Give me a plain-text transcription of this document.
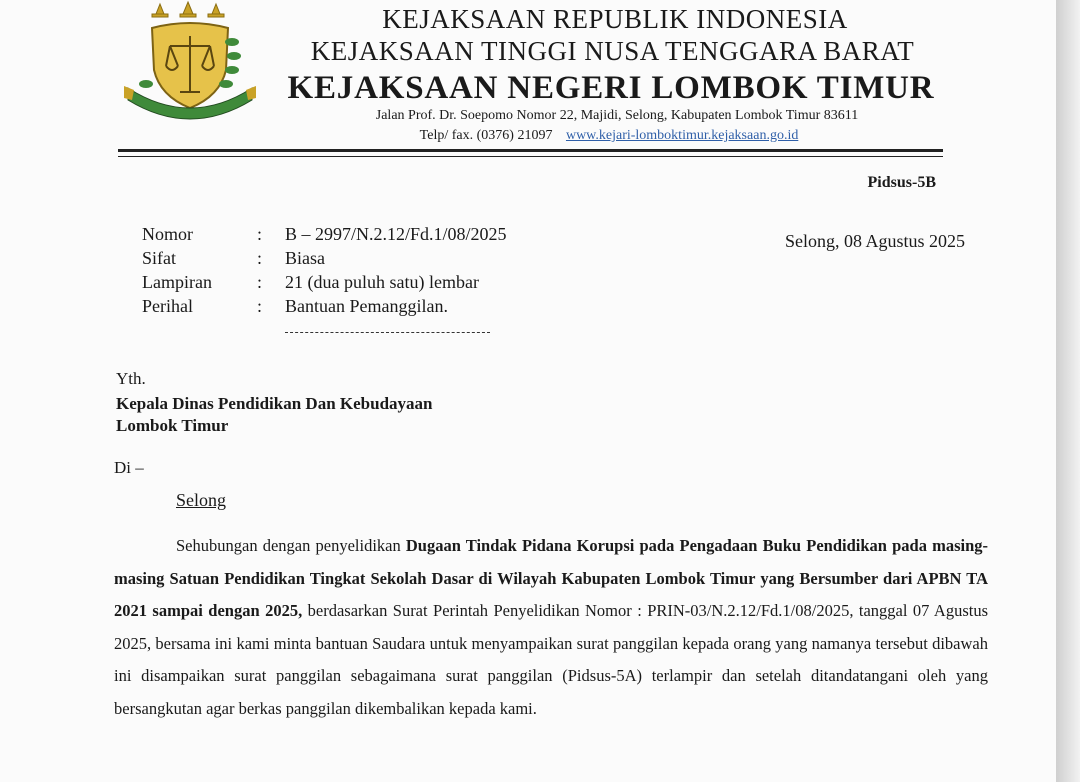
KEJAKSAAN REPUBLIK INDONESIA
KEJAKSAAN TINGGI NUSA TENGGARA BARAT
KEJAKSAAN NEGERI LOMBOK TIMUR
Jalan Prof. Dr. Soepomo Nomor 22, Majidi, Selong, Kabupaten Lombok Timur 83611
Telp/ fax. (0376) 21097 www.kejari-lomboktimur.kejaksaan.go.id
Pidsus-5B
Nomor	: B – 2997/N.2.12/Fd.1/08/2025
Sifat	: Biasa
Lampiran	: 21 (dua puluh satu) lembar
Perihal	: Bantuan Pemanggilan.
Selong, 08 Agustus 2025
Yth.
Kepala Dinas Pendidikan Dan Kebudayaan
Lombok Timur
Di –
Selong
Sehubungan dengan penyelidikan Dugaan Tindak Pidana Korupsi pada Pengadaan Buku Pendidikan pada masing-masing Satuan Pendidikan Tingkat Sekolah Dasar di Wilayah Kabupaten Lombok Timur yang Bersumber dari APBN TA 2021 sampai dengan 2025, berdasarkan Surat Perintah Penyelidikan Nomor : PRIN-03/N.2.12/Fd.1/08/2025, tanggal 07 Agustus 2025, bersama ini kami minta bantuan Saudara untuk menyampaikan surat panggilan kepada orang yang namanya tersebut dibawah ini disampaikan surat panggilan sebagaimana surat panggilan (Pidsus-5A) terlampir dan setelah ditandatangani oleh yang bersangkutan agar berkas panggilan dikembalikan kepada kami.
